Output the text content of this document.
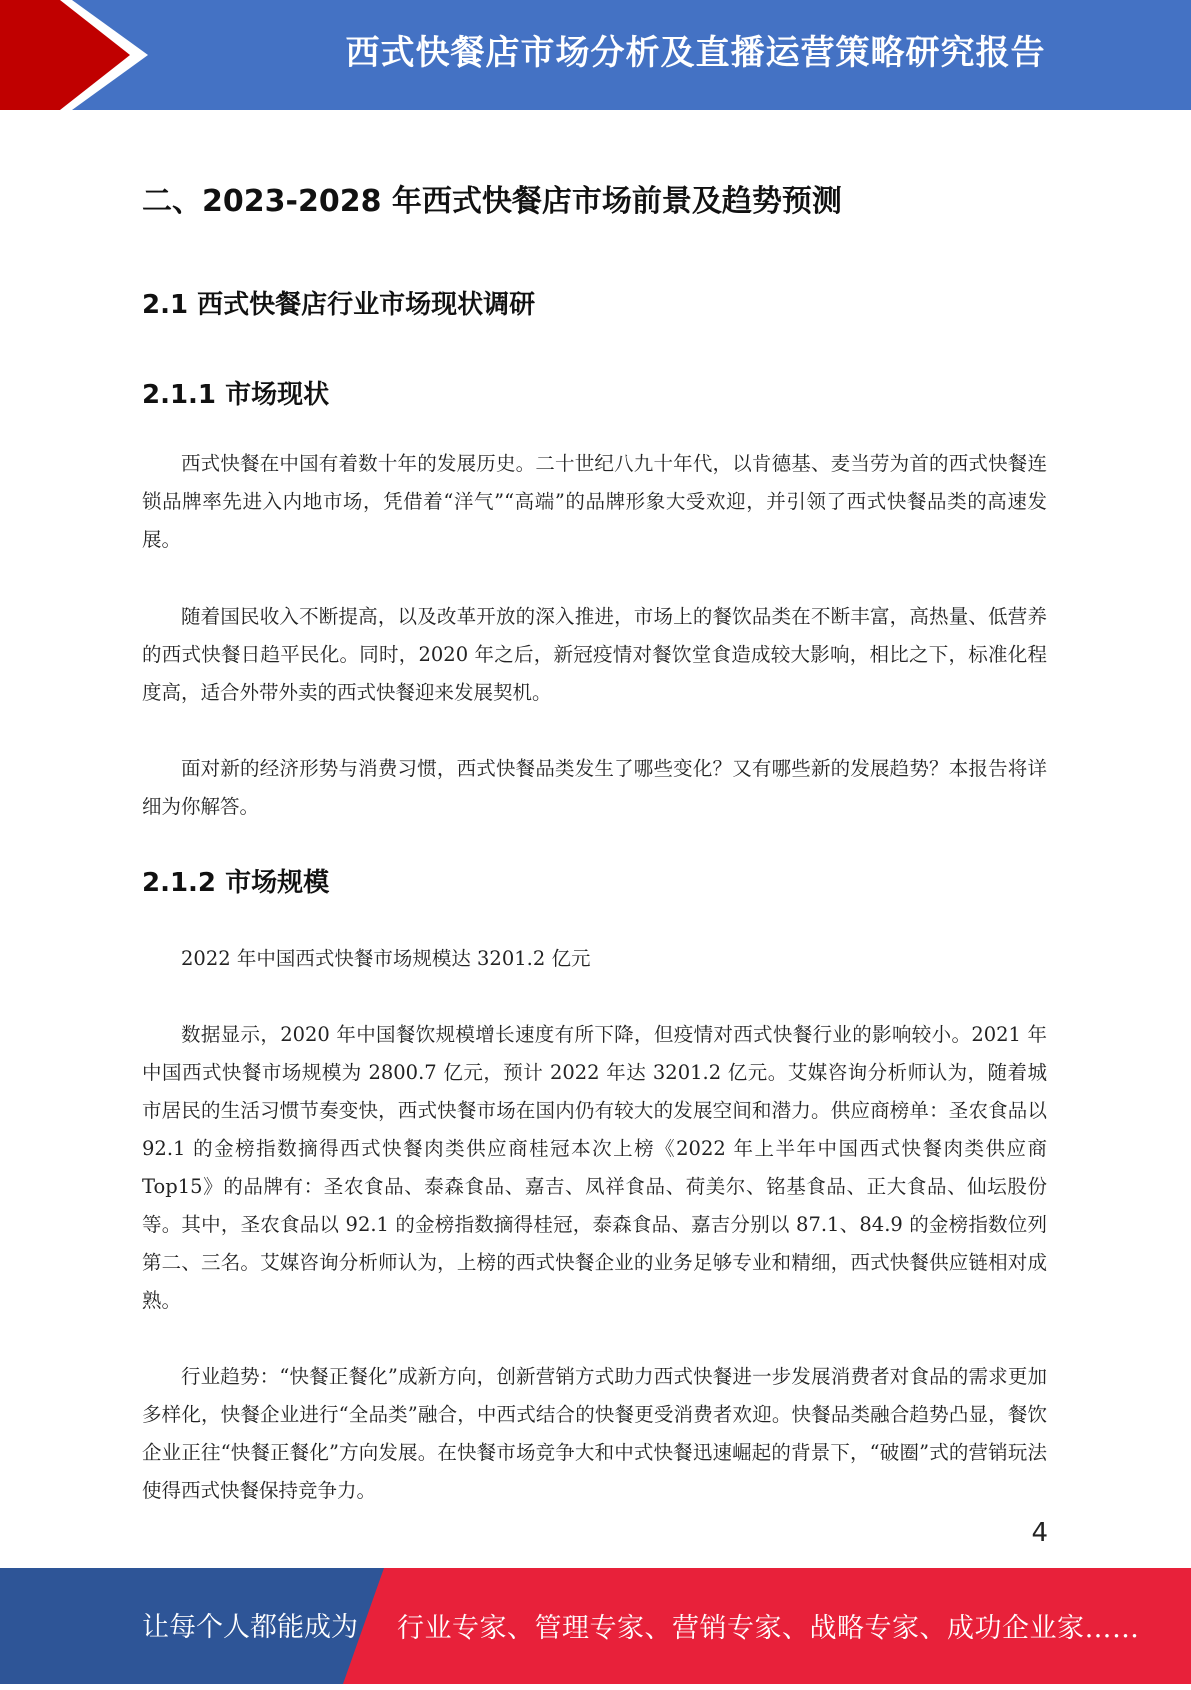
西式快餐店市场分析及直播运营策略研究报告
二、2023-2028 年西式快餐店市场前景及趋势预测
2.1 西式快餐店行业市场现状调研
2.1.1 市场现状

西式快餐在中国有着数十年的发展历史。二十世纪八九十年代，以肯德基、麦当劳为首的西式快餐连锁品牌率先进入内地市场，凭借着“洋气”“高端”的品牌形象大受欢迎，并引领了西式快餐品类的高速发展。

随着国民收入不断提高，以及改革开放的深入推进，市场上的餐饮品类在不断丰富，高热量、低营养的西式快餐日趋平民化。同时，2020 年之后，新冠疫情对餐饮堂食造成较大影响，相比之下，标准化程度高，适合外带外卖的西式快餐迎来发展契机。

面对新的经济形势与消费习惯，西式快餐品类发生了哪些变化？又有哪些新的发展趋势？本报告将详细为你解答。

2.1.2 市场规模

2022 年中国西式快餐市场规模达 3201.2 亿元

数据显示，2020 年中国餐饮规模增长速度有所下降，但疫情对西式快餐行业的影响较小。2021 年中国西式快餐市场规模为 2800.7 亿元，预计 2022 年达 3201.2 亿元。艾媒咨询分析师认为，随着城市居民的生活习惯节奏变快，西式快餐市场在国内仍有较大的发展空间和潜力。供应商榜单：圣农食品以 92.1 的金榜指数摘得西式快餐肉类供应商桂冠本次上榜《2022 年上半年中国西式快餐肉类供应商 Top15》的品牌有：圣农食品、泰森食品、嘉吉、凤祥食品、荷美尔、铭基食品、正大食品、仙坛股份等。其中，圣农食品以 92.1 的金榜指数摘得桂冠，泰森食品、嘉吉分别以 87.1、84.9 的金榜指数位列第二、三名。艾媒咨询分析师认为，上榜的西式快餐企业的业务足够专业和精细，西式快餐供应链相对成熟。

行业趋势：“快餐正餐化”成新方向，创新营销方式助力西式快餐进一步发展消费者对食品的需求更加多样化，快餐企业进行“全品类”融合，中西式结合的快餐更受消费者欢迎。快餐品类融合趋势凸显，餐饮企业正往“快餐正餐化”方向发展。在快餐市场竞争大和中式快餐迅速崛起的背景下，“破圈”式的营销玩法使得西式快餐保持竞争力。

4
让每个人都能成为 行业专家、管理专家、营销专家、战略专家、成功企业家……
